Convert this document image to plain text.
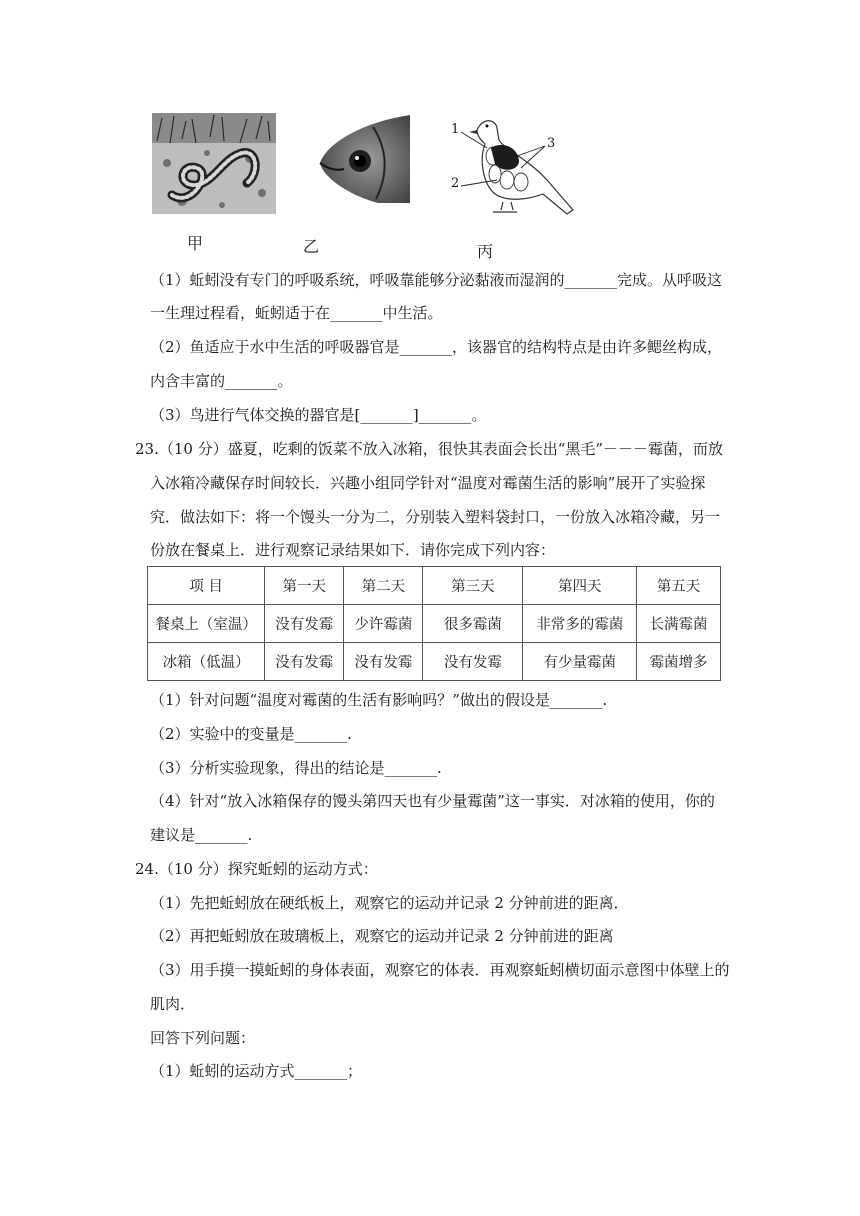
1
2
3
甲	乙	丙
（1）蚯蚓没有专门的呼吸系统，呼吸靠能够分泌黏液而湿润的_______完成。从呼吸这
一生理过程看，蚯蚓适于在_______中生活。
（2）鱼适应于水中生活的呼吸器官是_______，该器官的结构特点是由许多鳃丝构成，
内含丰富的_______。
（3）鸟进行气体交换的器官是[_______]_______。
23.（10 分）盛夏，吃剩的饭菜不放入冰箱，很快其表面会长出“黑毛”－－－霉菌，而放
入冰箱冷藏保存时间较长．兴趣小组同学针对“温度对霉菌生活的影响”展开了实验探
究．做法如下：将一个馒头一分为二，分别装入塑料袋封口，一份放入冰箱冷藏，另一
份放在餐桌上．进行观察记录结果如下．请你完成下列内容：
项 目	第一天	第二天	第三天	第四天	第五天
餐桌上（室温）	没有发霉	少许霉菌	很多霉菌	非常多的霉菌	长满霉菌
冰箱（低温）	没有发霉	没有发霉	没有发霉	有少量霉菌	霉菌增多
（1）针对问题“温度对霉菌的生活有影响吗？”做出的假设是_______.
（2）实验中的变量是_______.
（3）分析实验现象，得出的结论是_______.
（4）针对“放入冰箱保存的馒头第四天也有少量霉菌”这一事实．对冰箱的使用，你的
建议是_______.
24.（10 分）探究蚯蚓的运动方式：
（1）先把蚯蚓放在硬纸板上，观察它的运动并记录 2 分钟前进的距离．
（2）再把蚯蚓放在玻璃板上，观察它的运动并记录 2 分钟前进的距离
（3）用手摸一摸蚯蚓的身体表面，观察它的体表．再观察蚯蚓横切面示意图中体壁上的
肌肉．
回答下列问题：
（1）蚯蚓的运动方式_______；
